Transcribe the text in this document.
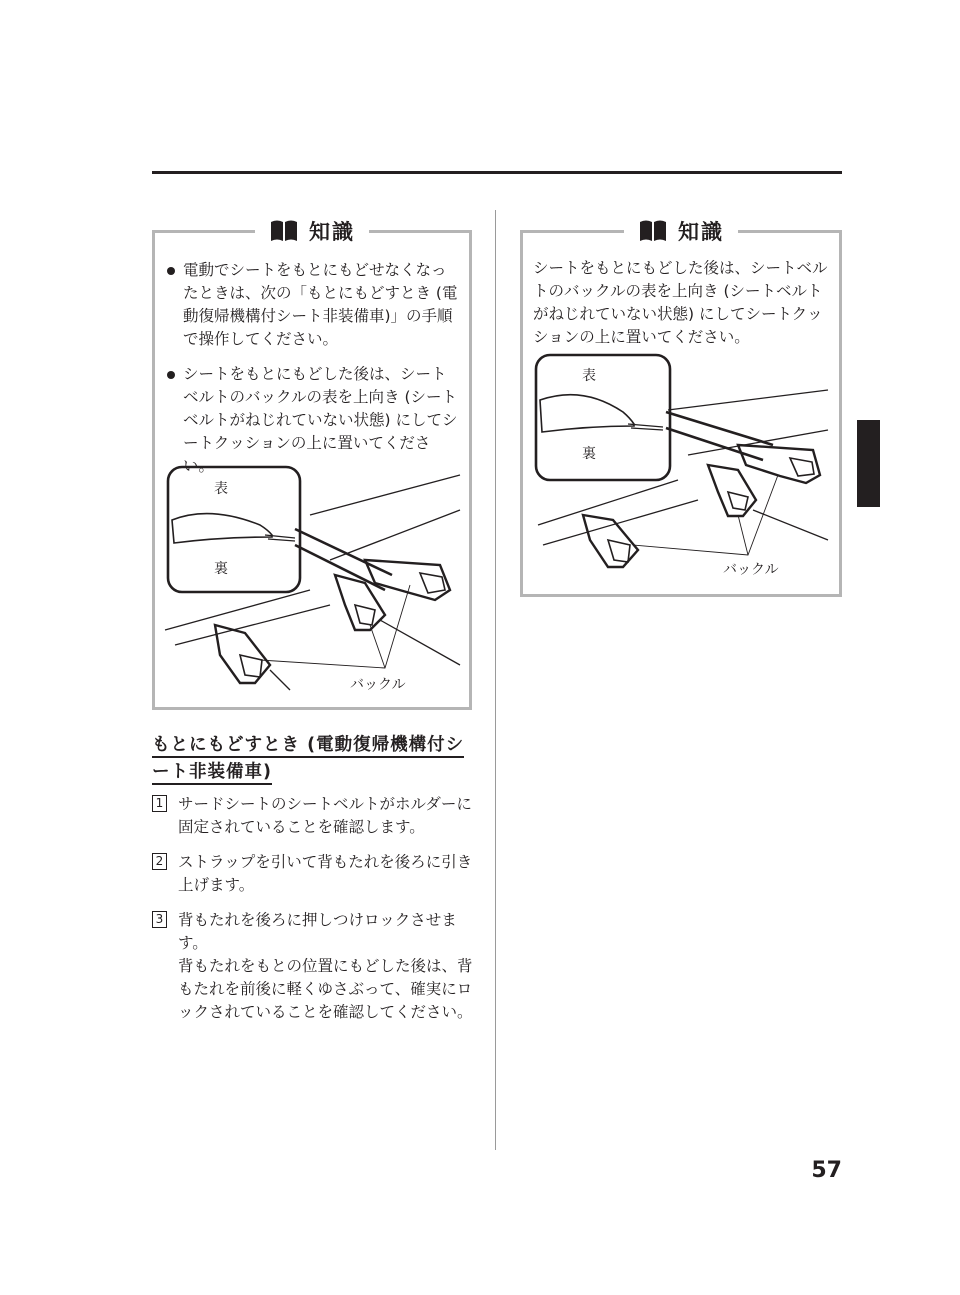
知識
電動でシートをもとにもどせなくなったときは、次の「もとにもどすとき (電動復帰機構付シート非装備車)」の手順で操作してください。
シートをもとにもどした後は、シートベルトのバックルの表を上向き (シートベルトがねじれていない状態) にしてシートクッションの上に置いてください。
表
裏
バックル
もとにもどすとき (電動復帰機構付シート非装備車)
1 サードシートのシートベルトがホルダーに固定されていることを確認します。
2 ストラップを引いて背もたれを後ろに引き上げます。
3 背もたれを後ろに押しつけロックさせます。
背もたれをもとの位置にもどした後は、背もたれを前後に軽くゆさぶって、確実にロックされていることを確認してください。
知識

シートをもとにもどした後は、シートベルトのバックルの表を上向き (シートベルトがねじれていない状態) にしてシートクッションの上に置いてください。

表
裏
バックル
57
